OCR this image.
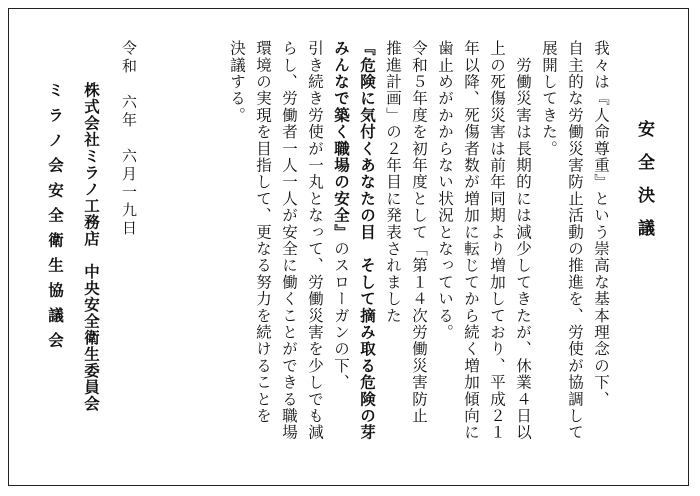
安全決議
我々は『人命尊重』という崇高な基本理念の下、
自主的な労働災害防止活動の推進を、労使が協調して
展開してきた。
　労働災害は長期的には減少してきたが、休業４日以
上の死傷災害は前年同期より増加しており、平成２１
年以降、死傷者数が増加に転じてから続く増加傾向に
歯止めがかからない状況となっている。
令和５年度を初年度として「第１４次労働災害防止
推進計画」の２年目に発表されました
『危険に気付くあなたの目　そして摘み取る危険の芽
みんなで築く職場の安全』のスローガンの下、
引き続き労使が一丸となって、労働災害を少しでも減
らし、労働者一人一人が安全に働くことができる職場
環境の実現を目指して、更なる努力を続けることを
決議する。
令和　六年　六月一九日
株式会社ミラノ工務店　中央安全衛生委員会
ミラノ会安全衛生協議会
